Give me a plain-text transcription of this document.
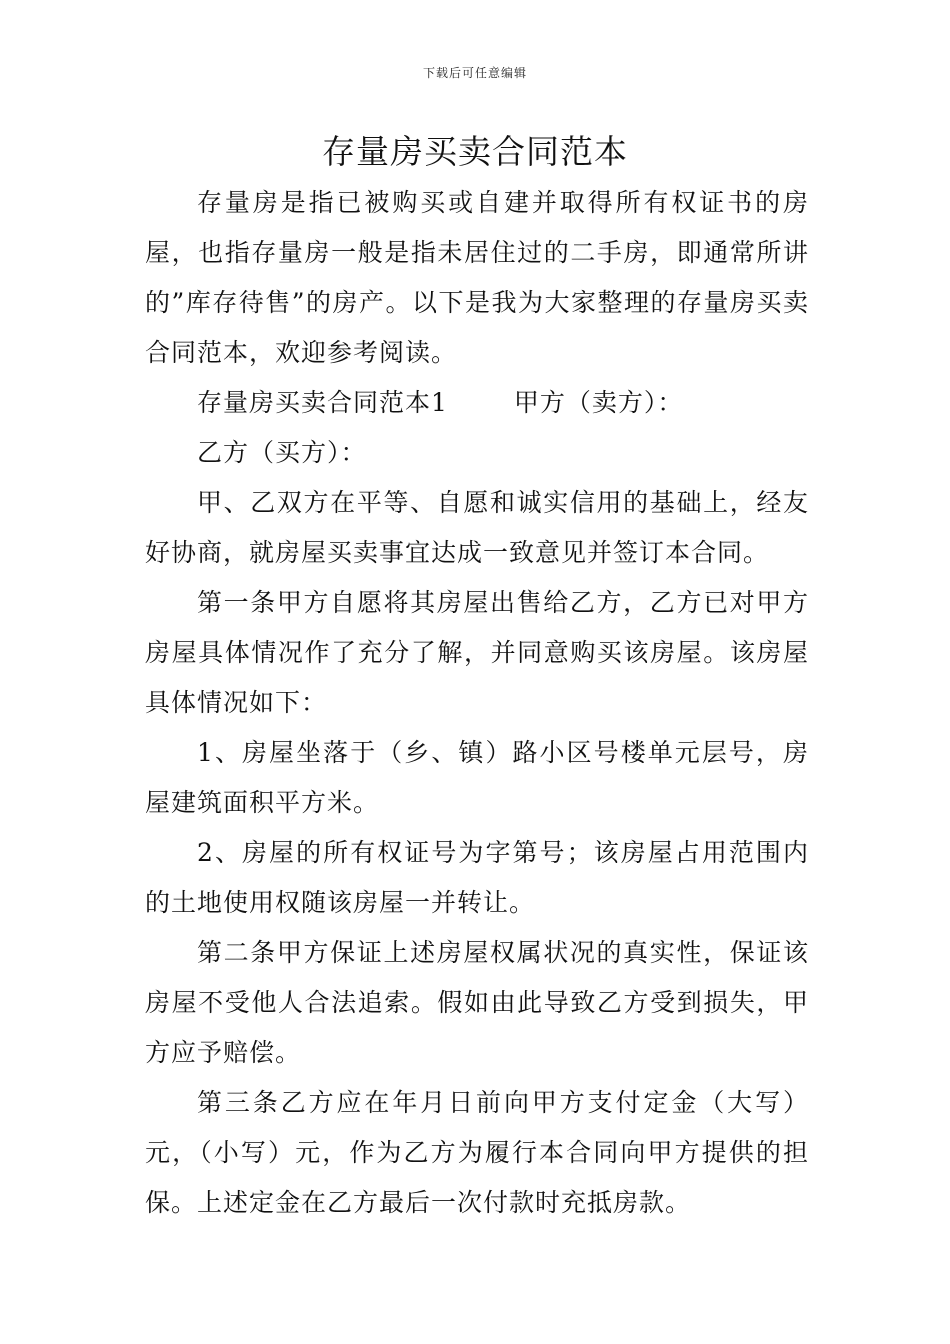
下载后可任意编辑
存量房买卖合同范本

存量房是指已被购买或自建并取得所有权证书的房屋，也指存量房一般是指未居住过的二手房，即通常所讲的”库存待售”的房产。以下是我为大家整理的存量房买卖合同范本，欢迎参考阅读。

存量房买卖合同范本1	甲方（卖方）：
乙方（买方）：

甲、乙双方在平等、自愿和诚实信用的基础上，经友好协商，就房屋买卖事宜达成一致意见并签订本合同。

第一条甲方自愿将其房屋出售给乙方，乙方已对甲方房屋具体情况作了充分了解，并同意购买该房屋。该房屋具体情况如下：

1、房屋坐落于（乡、镇）路小区号楼单元层号，房屋建筑面积平方米。

2、房屋的所有权证号为字第号；该房屋占用范围内的土地使用权随该房屋一并转让。

第二条甲方保证上述房屋权属状况的真实性，保证该房屋不受他人合法追索。假如由此导致乙方受到损失，甲方应予赔偿。

第三条乙方应在年月日前向甲方支付定金（大写）元，（小写）元，作为乙方为履行本合同向甲方提供的担保。上述定金在乙方最后一次付款时充抵房款。
